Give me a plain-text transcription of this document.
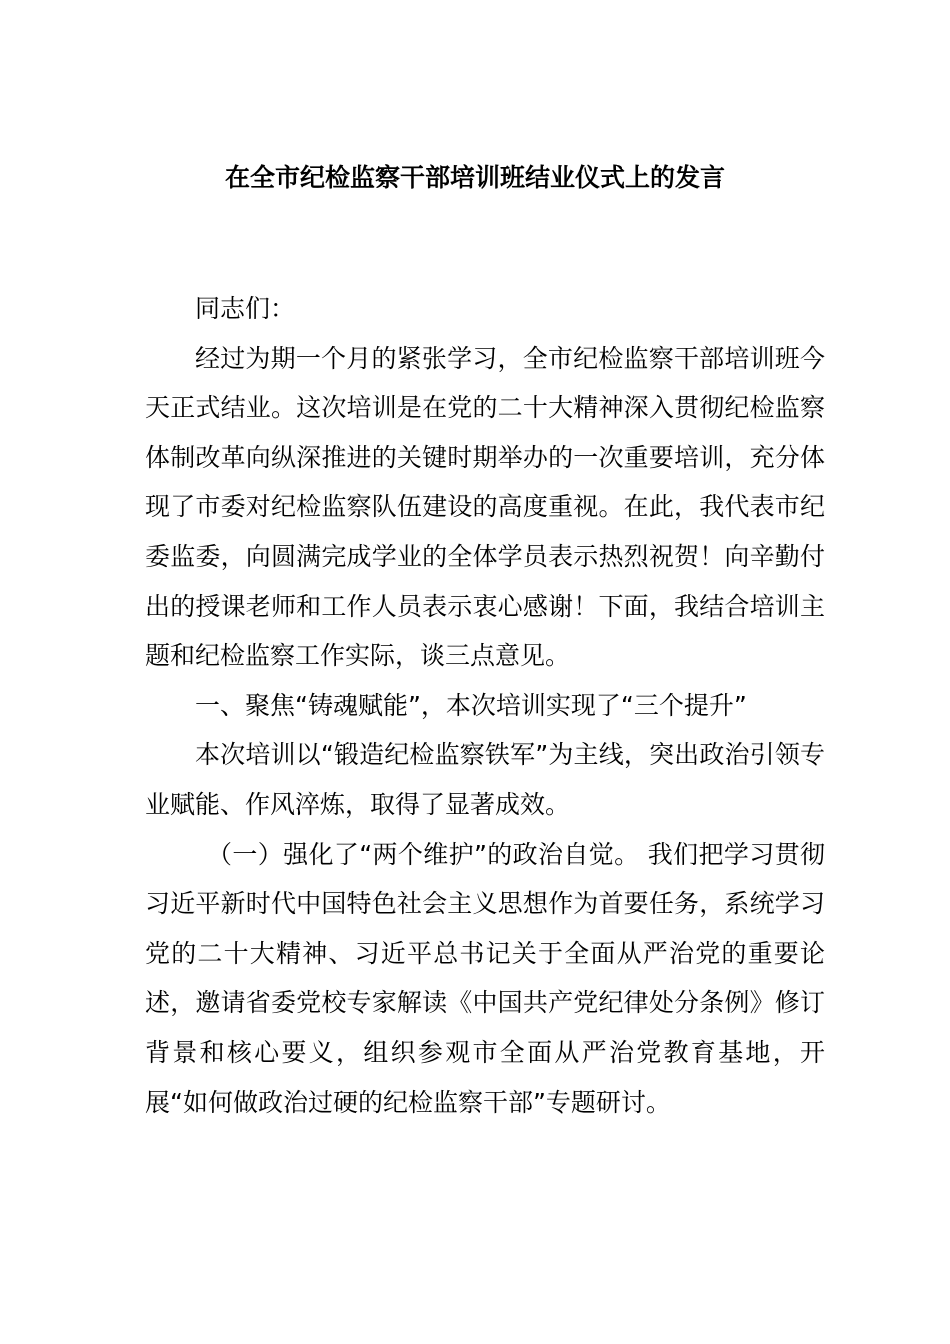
在全市纪检监察干部培训班结业仪式上的发言

同志们：

经过为期一个月的紧张学习，全市纪检监察干部培训班今天正式结业。这次培训是在党的二十大精神深入贯彻纪检监察体制改革向纵深推进的关键时期举办的一次重要培训，充分体现了市委对纪检监察队伍建设的高度重视。在此，我代表市纪委监委，向圆满完成学业的全体学员表示热烈祝贺！向辛勤付出的授课老师和工作人员表示衷心感谢！下面，我结合培训主题和纪检监察工作实际，谈三点意见。

一、聚焦“铸魂赋能”，本次培训实现了“三个提升”

本次培训以“锻造纪检监察铁军”为主线，突出政治引领专业赋能、作风淬炼，取得了显著成效。

（一）强化了“两个维护”的政治自觉。 我们把学习贯彻习近平新时代中国特色社会主义思想作为首要任务，系统学习党的二十大精神、习近平总书记关于全面从严治党的重要论述，邀请省委党校专家解读《中国共产党纪律处分条例》修订背景和核心要义，组织参观市全面从严治党教育基地，开展“如何做政治过硬的纪检监察干部”专题研讨。
